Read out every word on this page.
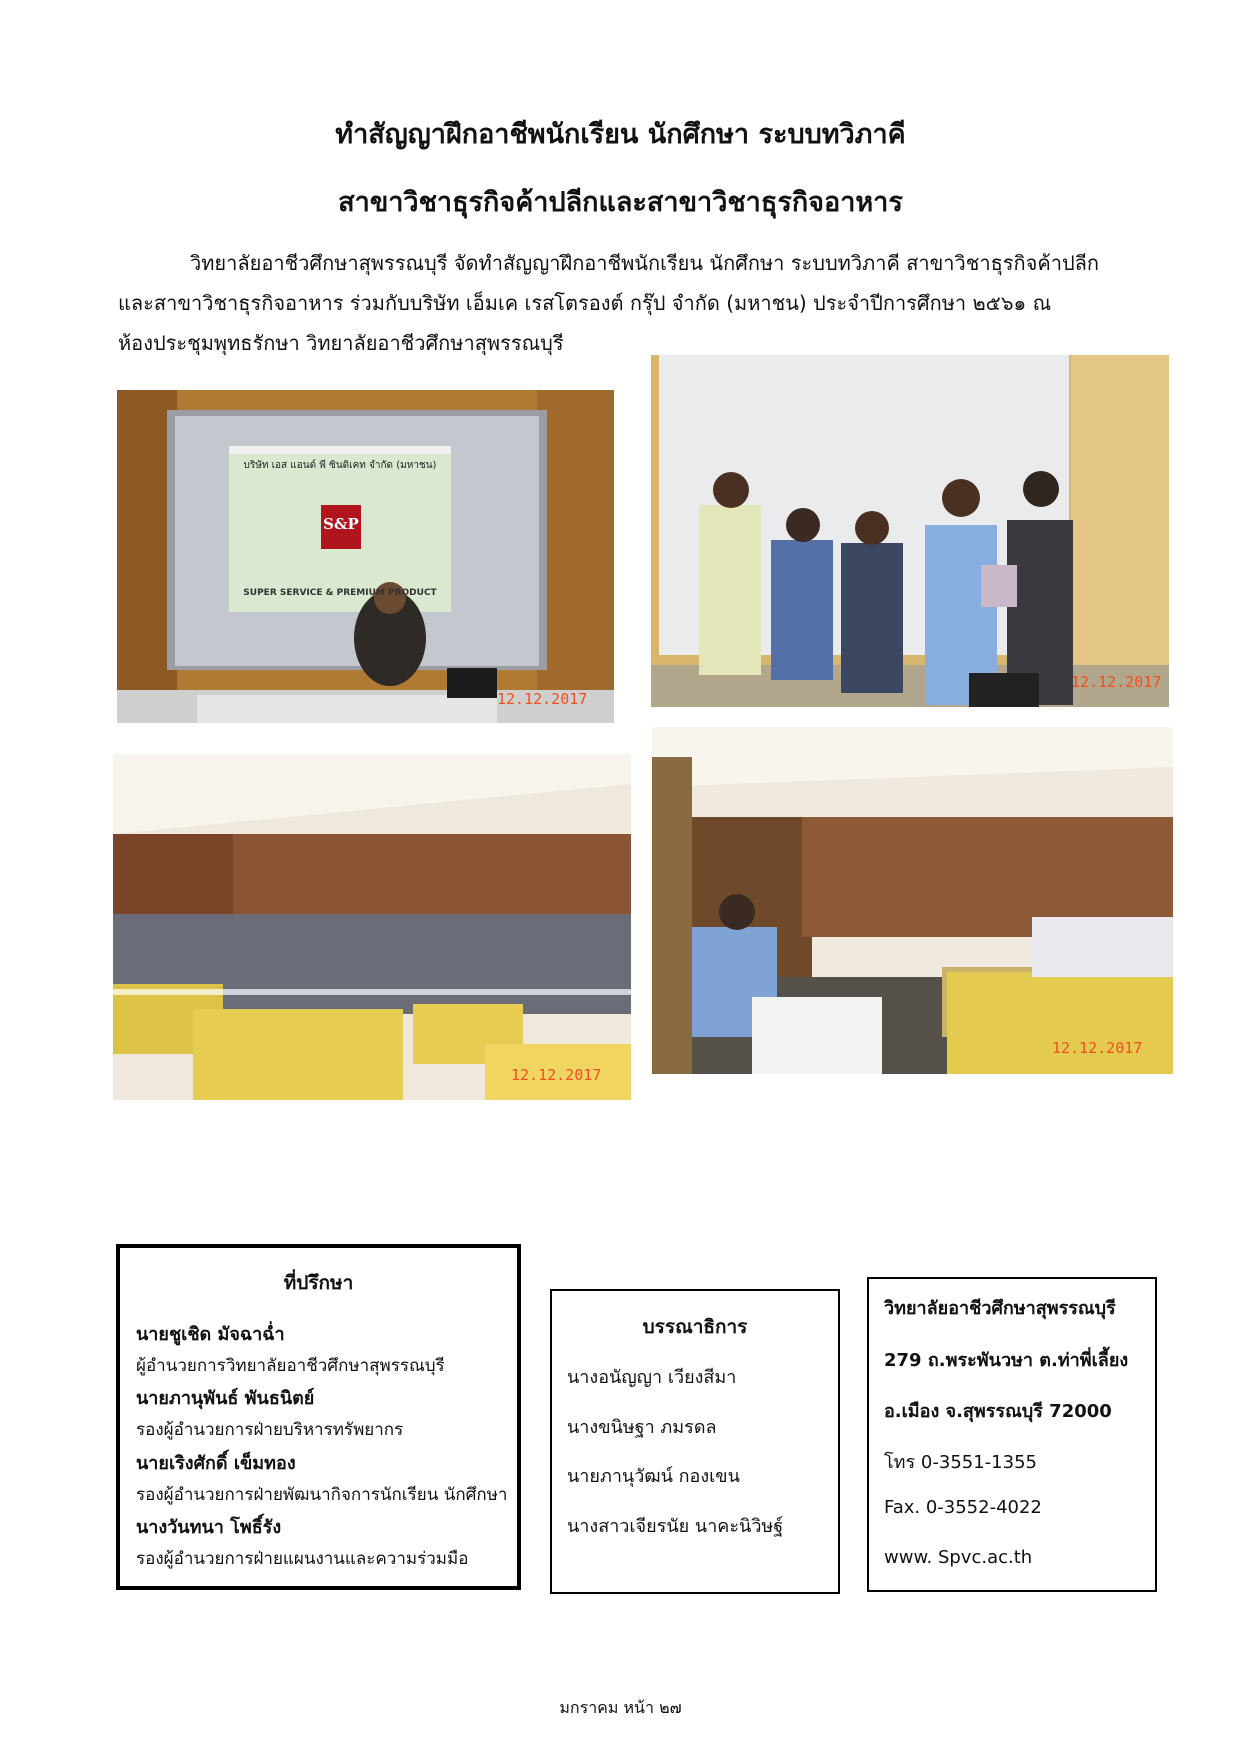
ทำสัญญาฝึกอาชีพนักเรียน นักศึกษา ระบบทวิภาคี
สาขาวิชาธุรกิจค้าปลีกและสาขาวิชาธุรกิจอาหาร
วิทยาลัยอาชีวศึกษาสุพรรณบุรี จัดทำสัญญาฝึกอาชีพนักเรียน นักศึกษา ระบบทวิภาคี สาขาวิชาธุรกิจค้าปลีก
และสาขาวิชาธุรกิจอาหาร ร่วมกับบริษัท เอ็มเค เรสโตรองต์ กรุ๊ป จำกัด (มหาชน) ประจำปีการศึกษา ๒๕๖๑ ณ
ห้องประชุมพุทธรักษา วิทยาลัยอาชีวศึกษาสุพรรณบุรี
บริษัท เอส แอนด์ พี ซินดิเคท จำกัด (มหาชน)
S&P
SUPER SERVICE & PREMIUM PRODUCT
12.12.2017
12.12.2017
12.12.2017
12.12.2017
ที่ปรึกษา
นายชูเชิด มัจฉาฉ่ำ
ผู้อำนวยการวิทยาลัยอาชีวศึกษาสุพรรณบุรี
นายภานุพันธ์ พันธนิตย์
รองผู้อำนวยการฝ่ายบริหารทรัพยากร
นายเริงศักดิ์ เข็มทอง
รองผู้อำนวยการฝ่ายพัฒนากิจการนักเรียน นักศึกษา
นางวันทนา โพธิ์รัง
รองผู้อำนวยการฝ่ายแผนงานและความร่วมมือ
บรรณาธิการ
นางอนัญญา เวียงสีมา
นางขนิษฐา ภมรดล
นายภานุวัฒน์ กองเขน
นางสาวเจียรนัย นาคะนิวิษฐ์
วิทยาลัยอาชีวศึกษาสุพรรณบุรี
279 ถ.พระพันวษา ต.ท่าพี่เลี้ยง
อ.เมือง จ.สุพรรณบุรี 72000
โทร 0-3551-1355
Fax. 0-3552-4022
www. Spvc.ac.th
มกราคม หน้า ๒๗
